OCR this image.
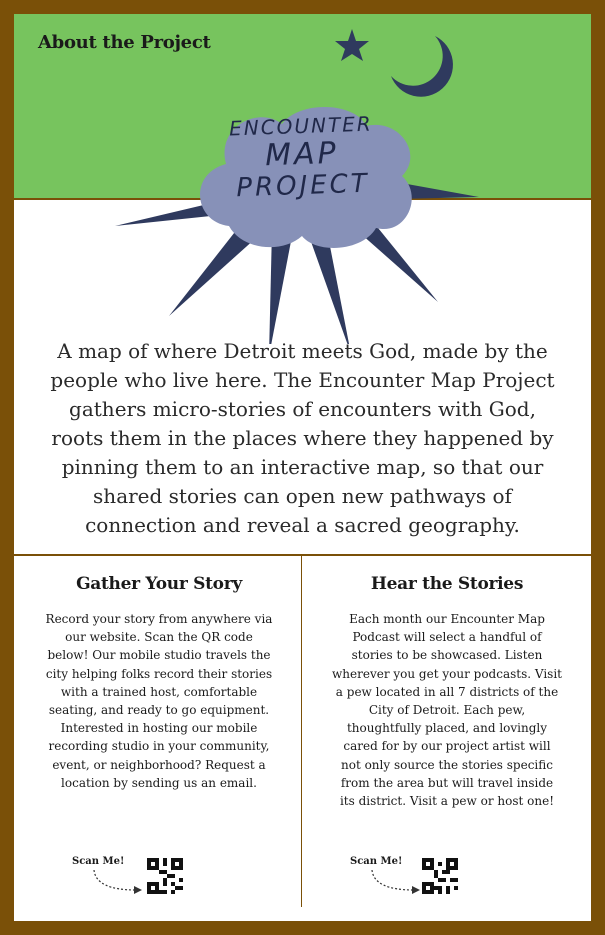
About the Project
ENCOUNTER
MAP
PROJECT
A map of where Detroit meets God, made by the people who live here. The Encounter Map Project gathers micro-stories of encounters with God, roots them in the places where they happened by pinning them to an interactive map, so that our shared stories can open new pathways of connection and reveal a sacred geography.
Gather Your Story

Record your story from anywhere via our website. Scan the QR code below! Our mobile studio travels the city helping folks record their stories with a trained host, comfortable seating, and ready to go equipment. Interested in hosting our mobile recording studio in your community, event, or neighborhood? Request a location by sending us an email.

Hear the Stories

Each month our Encounter Map Podcast will select a handful of stories to be showcased. Listen wherever you get your podcasts. Visit a pew located in all 7 districts of the City of Detroit. Each pew, thoughtfully placed, and lovingly cared for by our project artist will not only source the stories specific from the area but will travel inside its district. Visit a pew or host one!

Scan Me!	Scan Me!
